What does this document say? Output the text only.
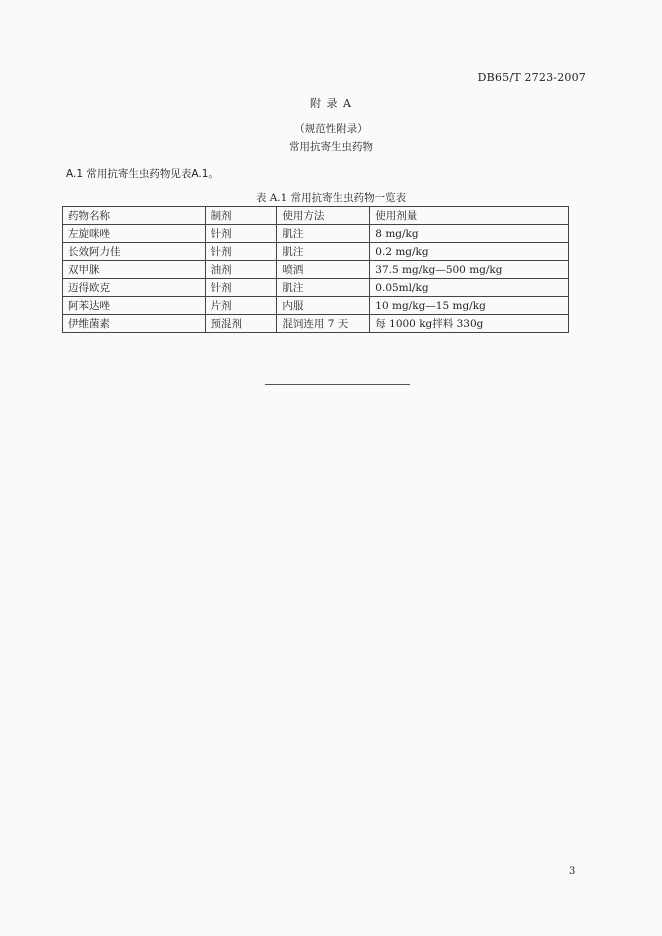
DB65/T 2723-2007
附 录 A
（规范性附录）
常用抗寄生虫药物
A.1 常用抗寄生虫药物见表A.1。
表 A.1 常用抗寄生虫药物一览表
药物名称	制剂	使用方法	使用剂量
左旋咪唑	针剂	肌注	8 mg/kg
长效阿力佳	针剂	肌注	0.2 mg/kg
双甲脒	油剂	喷洒	37.5 mg/kg—500 mg/kg
迈得欧克	针剂	肌注	0.05ml/kg
阿苯达唑	片剂	内服	10 mg/kg—15 mg/kg
伊维菌素	预混剂	混饲连用 7 天	每 1000 kg拌料 330g
3
